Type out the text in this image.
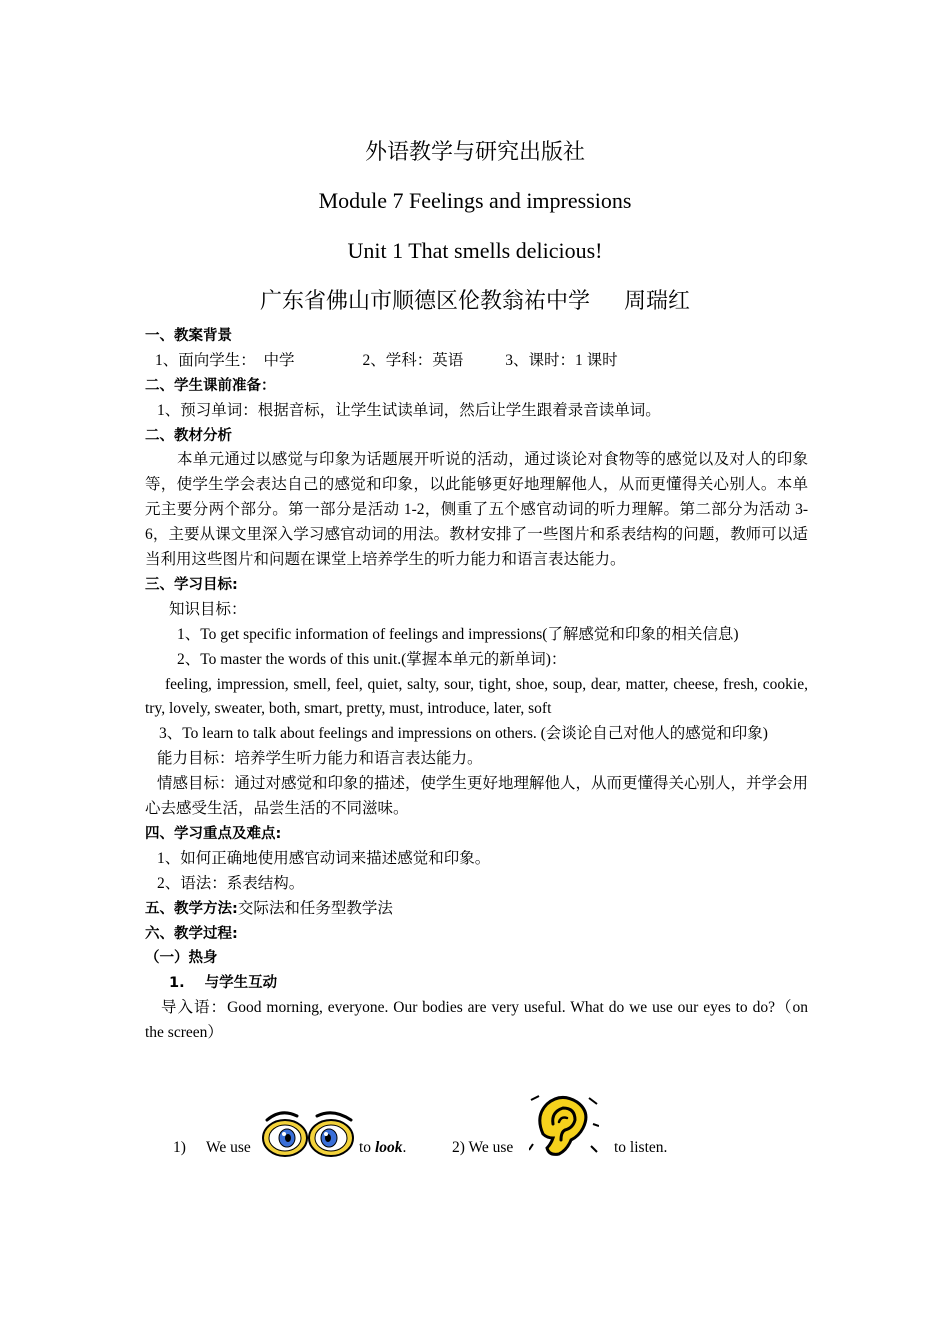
外语教学与研究出版社
Module 7 Feelings and impressions
Unit 1 That smells delicious!
广东省佛山市顺德区伦教翁祐中学 周瑞红
一、教案背景
1、面向学生：　中学	2、学科：英语	3、课时：1 课时
二、学生课前准备：
1、预习单词：根据音标，让学生试读单词，然后让学生跟着录音读单词。
二、教材分析
本单元通过以感觉与印象为话题展开听说的活动，通过谈论对食物等的感觉以及对人的印象等，使学生学会表达自己的感觉和印象，以此能够更好地理解他人，从而更懂得关心别人。本单元主要分两个部分。第一部分是活动 1-2，侧重了五个感官动词的听力理解。第二部分为活动 3-6，主要从课文里深入学习感官动词的用法。教材安排了一些图片和系表结构的问题，教师可以适当利用这些图片和问题在课堂上培养学生的听力能力和语言表达能力。
三、学习目标:
知识目标：
1、To get specific information of feelings and impressions(了解感觉和印象的相关信息)
2、To master the words of this unit.(掌握本单元的新单词)：
feeling, impression, smell, feel, quiet, salty, sour, tight, shoe, soup, dear, matter, cheese, fresh, cookie, try, lovely, sweater, both, smart, pretty, must, introduce, later, soft
3、To learn to talk about feelings and impressions on others. (会谈论自己对他人的感觉和印象)
能力目标：培养学生听力能力和语言表达能力。
情感目标：通过对感觉和印象的描述，使学生更好地理解他人，从而更懂得关心别人，并学会用心去感受生活，品尝生活的不同滋味。
四、学习重点及难点:
1、如何正确地使用感官动词来描述感觉和印象。
2、语法：系表结构。
五、教学方法:交际法和任务型教学法
六、教学过程:
（一）热身
1. 与学生互动
导入语：Good morning, everyone. Our bodies are very useful. What do we use our eyes to do?（on the screen）
1) We use	to look.	2) We use	to listen.
